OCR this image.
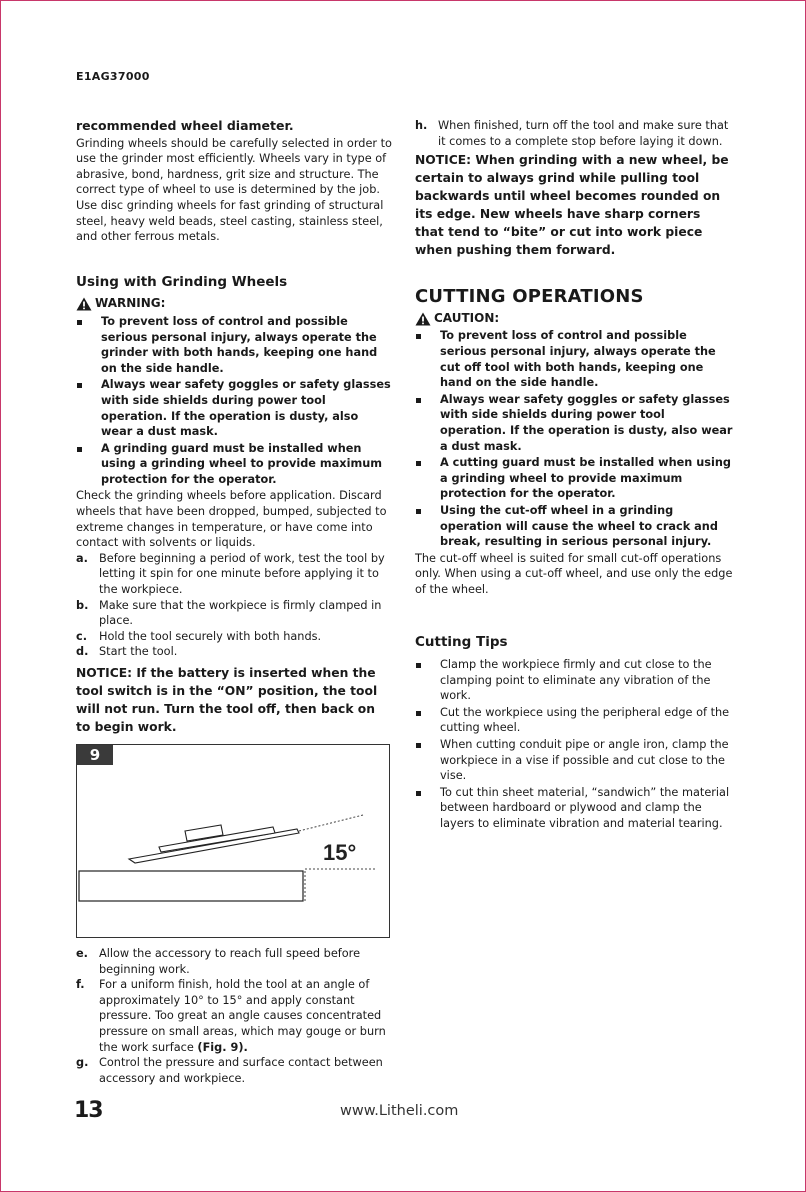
E1AG37000

recommended wheel diameter.

Grinding wheels should be carefully selected in order to use the grinder most efficiently. Wheels vary in type of abrasive, bond, hardness, grit size and structure. The correct type of wheel to use is determined by the job. Use disc grinding wheels for fast grinding of structural steel, heavy weld beads, steel casting, stainless steel, and other ferrous metals.

Using with Grinding Wheels
WARNING:
To prevent loss of control and possible serious personal injury, always operate the grinder with both hands, keeping one hand on the side handle.
Always wear safety goggles or safety glasses with side shields during power tool operation. If the operation is dusty, also wear a dust mask.
A grinding guard must be installed when using a grinding wheel to provide maximum protection for the operator.

Check the grinding wheels before application. Discard wheels that have been dropped, bumped, subjected to extreme changes in temperature, or have come into contact with solvents or liquids.

a. Before beginning a period of work, test the tool by letting it spin for one minute before applying it to the workpiece.
b. Make sure that the workpiece is firmly clamped in place.
c. Hold the tool securely with both hands.
d. Start the tool.

NOTICE: If the battery is inserted when the tool switch is in the “ON” position, the tool will not run. Turn the tool off, then back on to begin work.

9
15°
e. Allow the accessory to reach full speed before beginning work.
f. For a uniform finish, hold the tool at an angle of approximately 10° to 15° and apply constant pressure. Too great an angle causes concentrated pressure on small areas, which may gouge or burn the work surface (Fig. 9).
g. Control the pressure and surface contact between accessory and workpiece.
h. When finished, turn off the tool and make sure that it comes to a complete stop before laying it down.

NOTICE: When grinding with a new wheel, be certain to always grind while pulling tool backwards until wheel becomes rounded on its edge. New wheels have sharp corners that tend to “bite” or cut into work piece when pushing them forward.

CUTTING OPERATIONS
CAUTION:
To prevent loss of control and possible serious personal injury, always operate the cut off tool with both hands, keeping one hand on the side handle.
Always wear safety goggles or safety glasses with side shields during power tool operation. If the operation is dusty, also wear a dust mask.
A cutting guard must be installed when using a grinding wheel to provide maximum protection for the operator.
Using the cut-off wheel in a grinding operation will cause the wheel to crack and break, resulting in serious personal injury.

The cut-off wheel is suited for small cut-off operations only. When using a cut-off wheel, and use only the edge of the wheel.

Cutting Tips
Clamp the workpiece firmly and cut close to the clamping point to eliminate any vibration of the work.
Cut the workpiece using the peripheral edge of the cutting wheel.
When cutting conduit pipe or angle iron, clamp the workpiece in a vise if possible and cut close to the vise.
To cut thin sheet material, “sandwich” the material between hardboard or plywood and clamp the layers to eliminate vibration and material tearing.
13	www.Litheli.com
